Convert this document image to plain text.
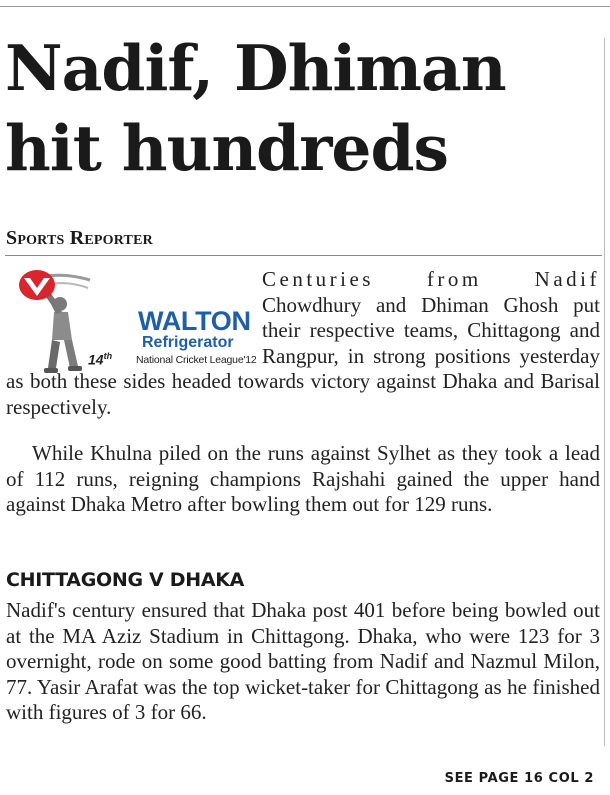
Nadif, Dhiman hit hundreds
Sports Reporter
WALTON
Refrigerator
14th National Cricket League'12

Centuries from Nadif Chowdhury and Dhiman Ghosh put their respective teams, Chittagong and Rangpur, in strong positions yesterday as both these sides headed towards victory against Dhaka and Barisal respectively.

While Khulna piled on the runs against Sylhet as they took a lead of 112 runs, reigning champions Rajshahi gained the upper hand against Dhaka Metro after bowling them out for 129 runs.

CHITTAGONG V DHAKA

Nadif's century ensured that Dhaka post 401 before being bowled out at the MA Aziz Stadium in Chittagong. Dhaka, who were 123 for 3 overnight, rode on some good batting from Nadif and Nazmul Milon, 77. Yasir Arafat was the top wicket-taker for Chittagong as he finished with figures of 3 for 66.

SEE PAGE 16 COL 2
